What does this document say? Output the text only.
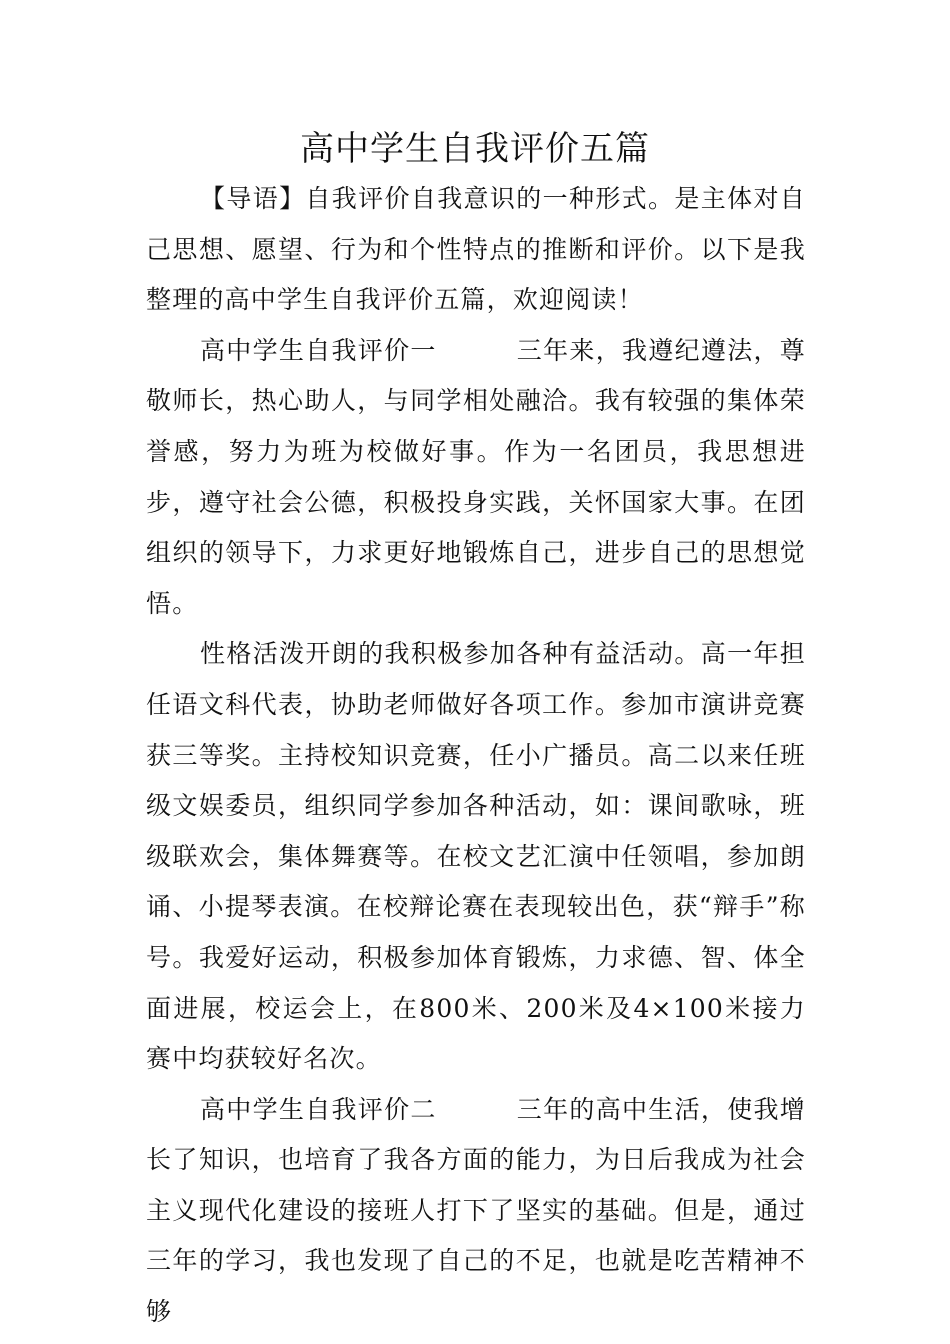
高中学生自我评价五篇

【导语】自我评价自我意识的一种形式。是主体对自己思想、愿望、行为和个性特点的推断和评价。以下是我整理的高中学生自我评价五篇，欢迎阅读！

高中学生自我评价一	三年来，我遵纪遵法，尊敬师长，热心助人，与同学相处融洽。我有较强的集体荣誉感，努力为班为校做好事。作为一名团员，我思想进步，遵守社会公德，积极投身实践，关怀国家大事。在团组织的领导下，力求更好地锻炼自己，进步自己的思想觉悟。

性格活泼开朗的我积极参加各种有益活动。高一年担任语文科代表，协助老师做好各项工作。参加市演讲竞赛获三等奖。主持校知识竞赛，任小广播员。高二以来任班级文娱委员，组织同学参加各种活动，如：课间歌咏，班级联欢会，集体舞赛等。在校文艺汇演中任领唱，参加朗诵、小提琴表演。在校辩论赛在表现较出色，获“辩手”称号。我爱好运动，积极参加体育锻炼，力求德、智、体全面进展，校运会上，在800米、200米及4×100米接力赛中均获较好名次。

高中学生自我评价二	三年的高中生活，使我增长了知识，也培育了我各方面的能力，为日后我成为社会主义现代化建设的接班人打下了坚实的基础。但是，通过三年的学习，我也发现了自己的不足，也就是吃苦精神不够
